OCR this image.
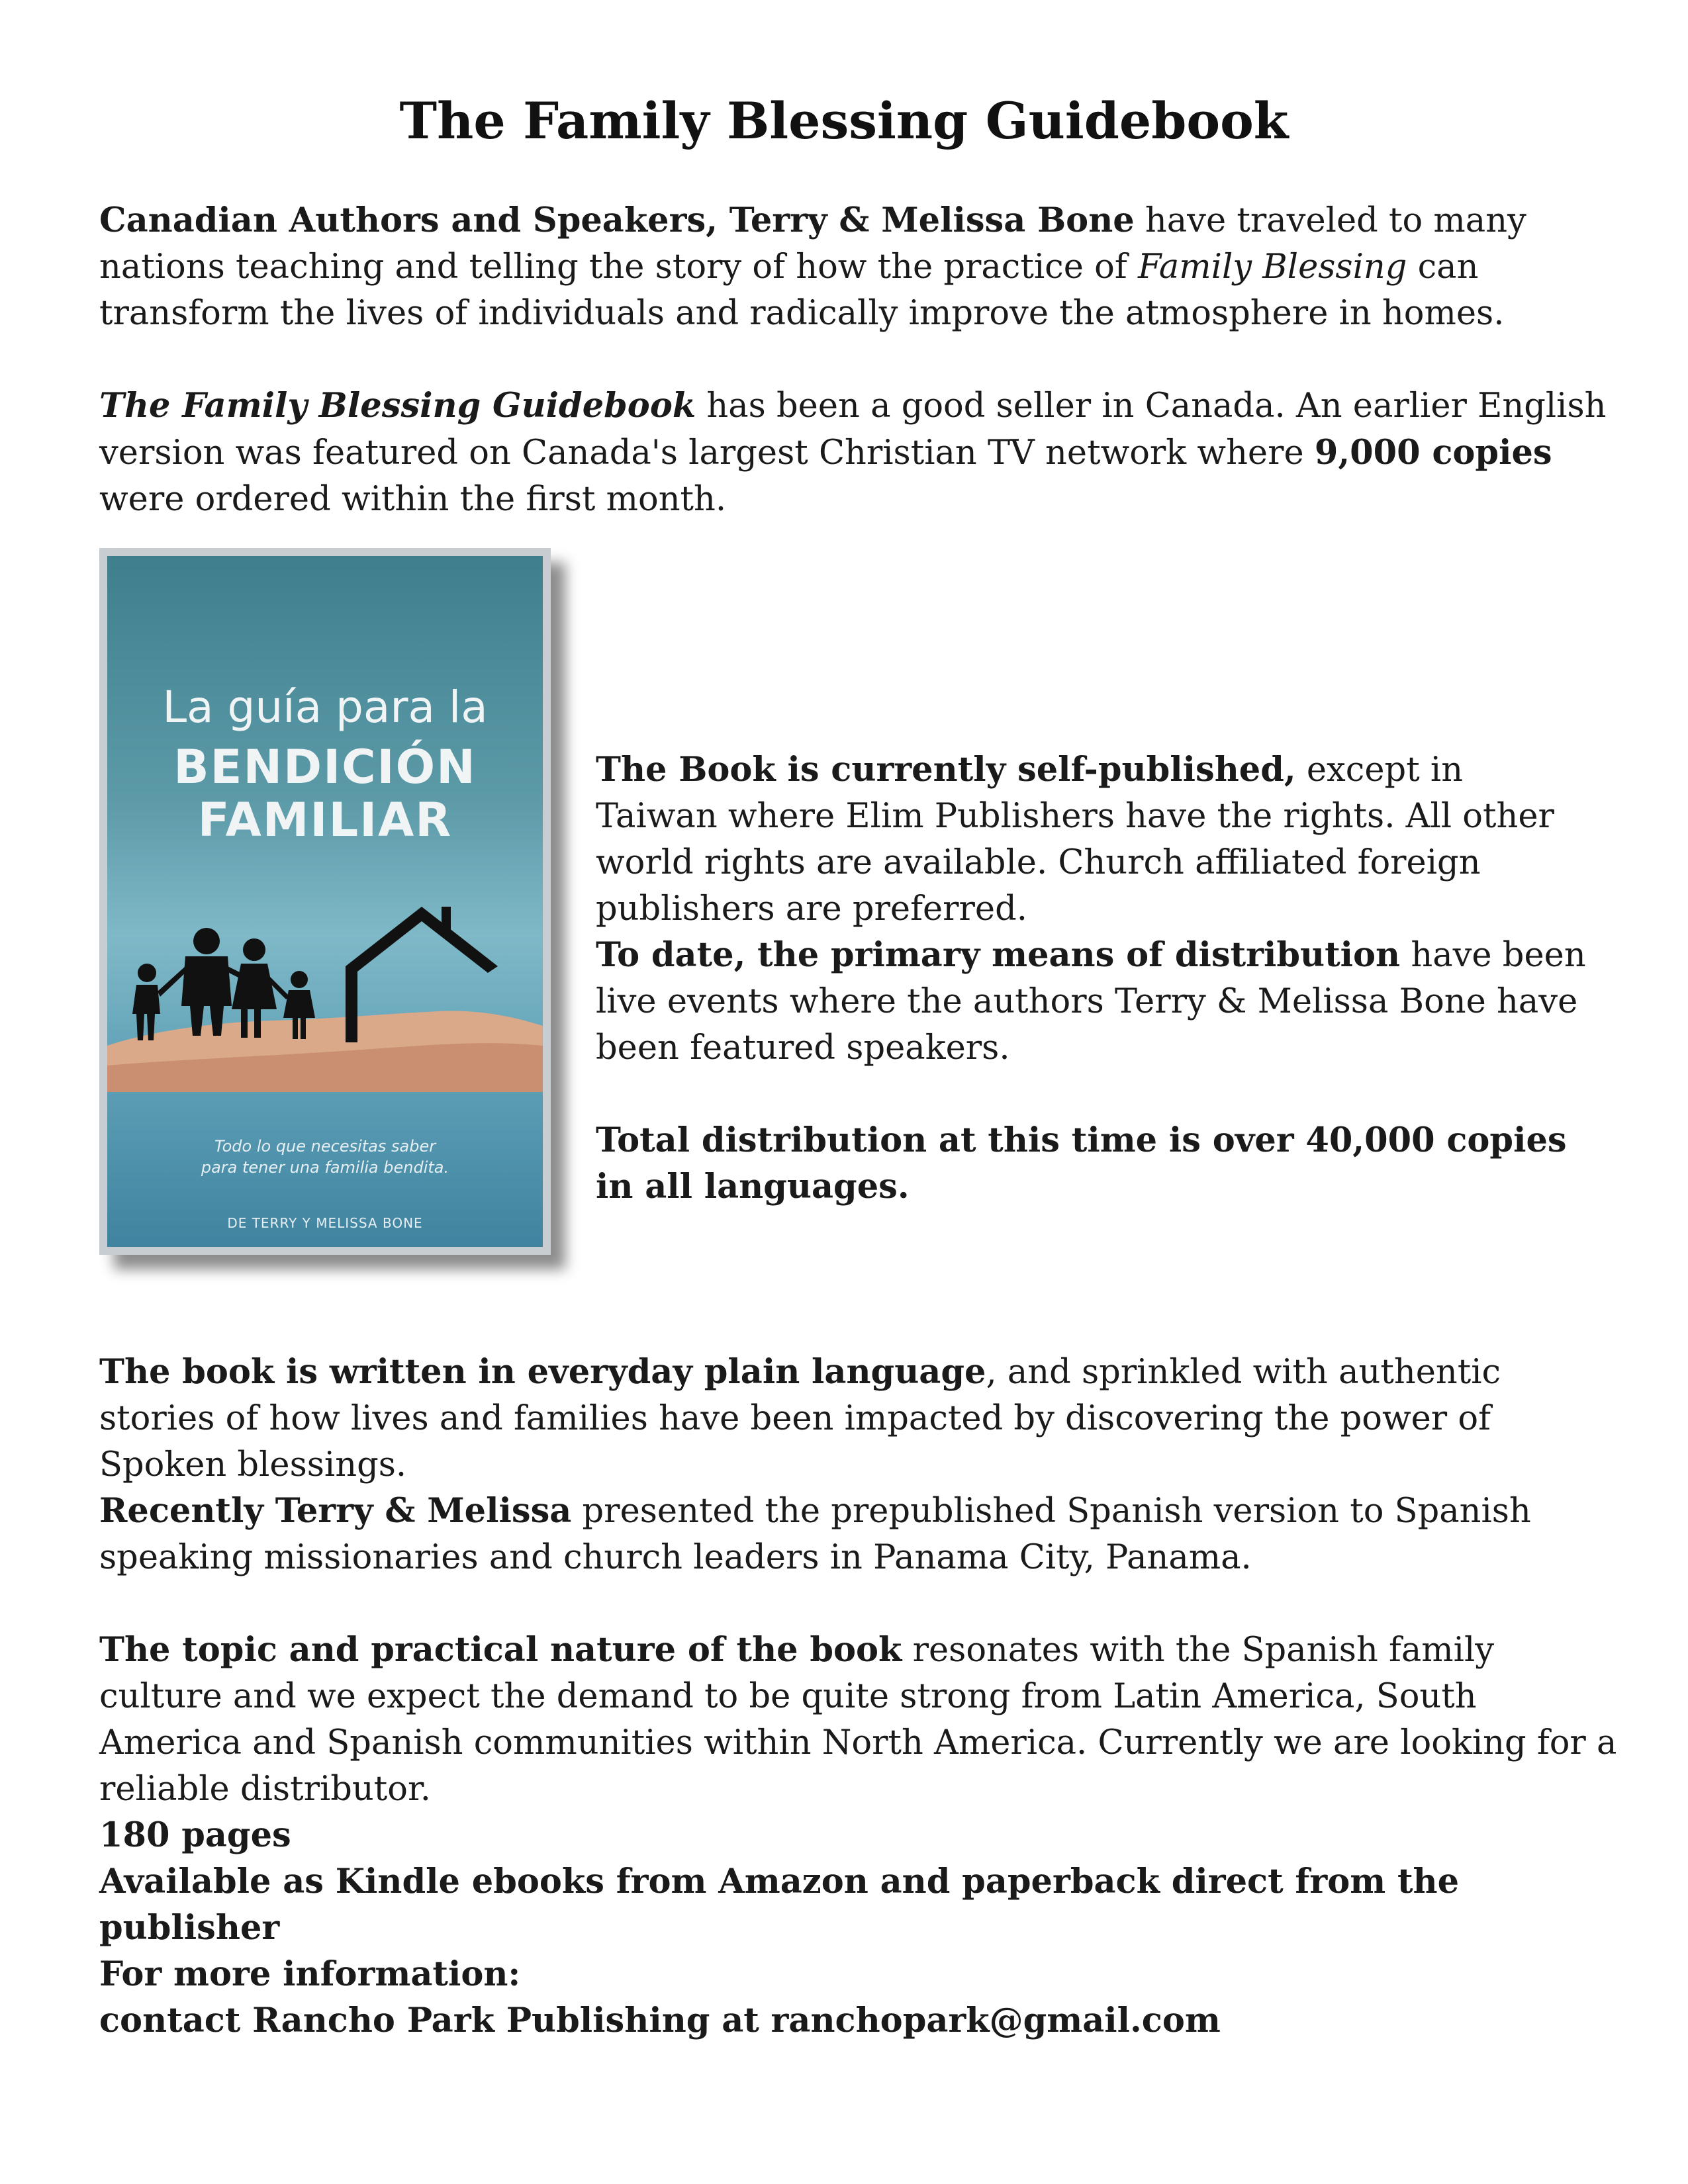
The Family Blessing Guidebook

Canadian Authors and Speakers, Terry & Melissa Bone have traveled to many nations teaching and telling the story of how the practice of Family Blessing can transform the lives of individuals and radically improve the atmosphere in homes.

The Family Blessing Guidebook has been a good seller in Canada. An earlier English version was featured on Canada's largest Christian TV network where 9,000 copies were ordered within the first month.

La guía para la
BENDICIÓN
FAMILIAR
Todo lo que necesitas saber
para tener una familia bendita.
DE TERRY Y MELISSA BONE

The Book is currently self-published, except in Taiwan where Elim Publishers have the rights. All other world rights are available. Church affiliated foreign publishers are preferred.

To date, the primary means of distribution have been live events where the authors Terry & Melissa Bone have been featured speakers.

Total distribution at this time is over 40,000 copies
in all languages.

The book is written in everyday plain language, and sprinkled with authentic stories of how lives and families have been impacted by discovering the power of Spoken blessings.

Recently Terry & Melissa presented the prepublished Spanish version to Spanish speaking missionaries and church leaders in Panama City, Panama.

The topic and practical nature of the book resonates with the Spanish family culture and we expect the demand to be quite strong from Latin America, South America and Spanish communities within North America. Currently we are looking for a reliable distributor.

180 pages
Available as Kindle ebooks from Amazon and paperback direct from the publisher

For more information:
contact Rancho Park Publishing at ranchopark@gmail.com
